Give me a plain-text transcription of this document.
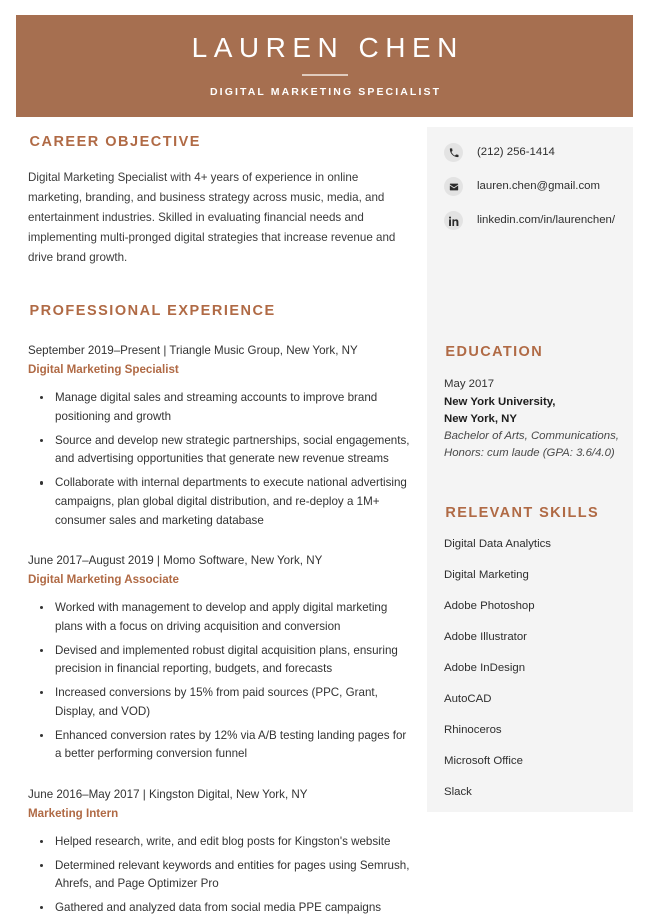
LAUREN CHEN
DIGITAL MARKETING SPECIALIST
CAREER OBJECTIVE

Digital Marketing Specialist with 4+ years of experience in online marketing, branding, and business strategy across music, media, and entertainment industries. Skilled in evaluating financial needs and implementing multi-pronged digital strategies that increase revenue and drive brand growth.

PROFESSIONAL EXPERIENCE
September 2019–Present | Triangle Music Group, New York, NY
Digital Marketing Specialist
Manage digital sales and streaming accounts to improve brand positioning and growth
Source and develop new strategic partnerships, social engagements, and advertising opportunities that generate new revenue streams
Collaborate with internal departments to execute national advertising campaigns, plan global digital distribution, and re-deploy a 1M+ consumer sales and marketing database
June 2017–August 2019 | Momo Software, New York, NY
Digital Marketing Associate
Worked with management to develop and apply digital marketing plans with a focus on driving acquisition and conversion
Devised and implemented robust digital acquisition plans, ensuring precision in financial reporting, budgets, and forecasts
Increased conversions by 15% from paid sources (PPC, Grant, Display, and VOD)
Enhanced conversion rates by 12% via A/B testing landing pages for a better performing conversion funnel
June 2016–May 2017 | Kingston Digital, New York, NY
Marketing Intern
Helped research, write, and edit blog posts for Kingston's website
Determined relevant keywords and entities for pages using Semrush, Ahrefs, and Page Optimizer Pro
Gathered and analyzed data from social media PPE campaigns
(212) 256-1414
lauren.chen@gmail.com
linkedin.com/in/laurenchen/
EDUCATION
May 2017
New York University,
New York, NY
Bachelor of Arts, Communications,
Honors: cum laude (GPA: 3.6/4.0)
RELEVANT SKILLS
Digital Data Analytics
Digital Marketing
Adobe Photoshop
Adobe Illustrator
Adobe InDesign
AutoCAD
Rhinoceros
Microsoft Office
Slack
